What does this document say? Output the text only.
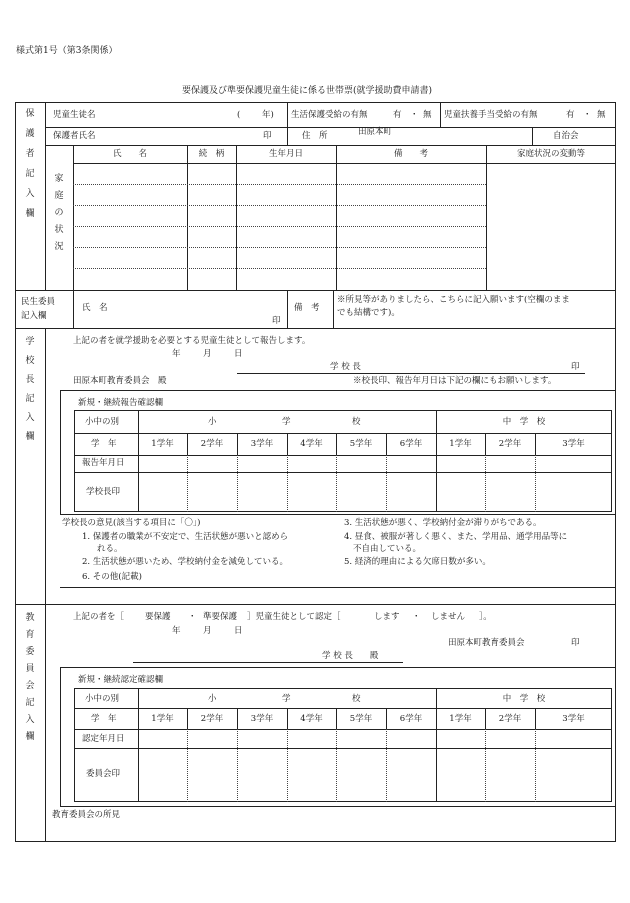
様式第1号（第3条関係）
要保護及び準要保護児童生徒に係る世帯票(就学援助費申請書)
保
護
者
記
入
欄
児童生徒名	(	年) 生活保護受給の有無	有 ・ 無 児童扶養手当受給の有無	有 ・ 無
保護者氏名	印	住　所	田原本町	自治会
氏　　名	続　柄	生年月日	備　　考	家庭状況の変動等
家
庭
の
状
況
民生委員
記入欄
氏　名
印
備　考
※所見等がありましたら、こちらに記入願います(空欄のまま
でも結構です)。
学
校
長
記
入
欄
上記の者を就学援助を必要とする児童生徒として報告します。
年	月	日
学 校 長	印
田原本町教育委員会　殿	※校長印、報告年月日は下記の欄にもお願いします。
新規・継続報告確認欄
小中の別	小	学	校	中　学　校
学　年	1学年	2学年	3学年	4学年	5学年	6学年	1学年	2学年	3学年
報告年月日
学校長印
学校長の意見(該当する項目に「〇」)
1. 保護者の職業が不安定で、生活状態が悪いと認めら
れる。
2. 生活状態が悪いため、学校納付金を減免している。
3. 生活状態が悪く、学校納付金が滞りがちである。
4. 昼食、被服が著しく悪く、また、学用品、通学用品等に
不自由している。
5. 経済的理由による欠席日数が多い。
6. その他(記載)
教
育
委
員
会
記
入
欄
上記の者を［ 要保護 ・ 準要保護 ］児童生徒として認定［	します ・ しません ］。
年	月	日
田原本町教育委員会	印
学 校 長　　殿
新規・継続認定確認欄
小中の別	小	学	校	中　学　校
学　年	1学年	2学年	3学年	4学年	5学年	6学年	1学年	2学年	3学年
認定年月日
委員会印
教育委員会の所見
